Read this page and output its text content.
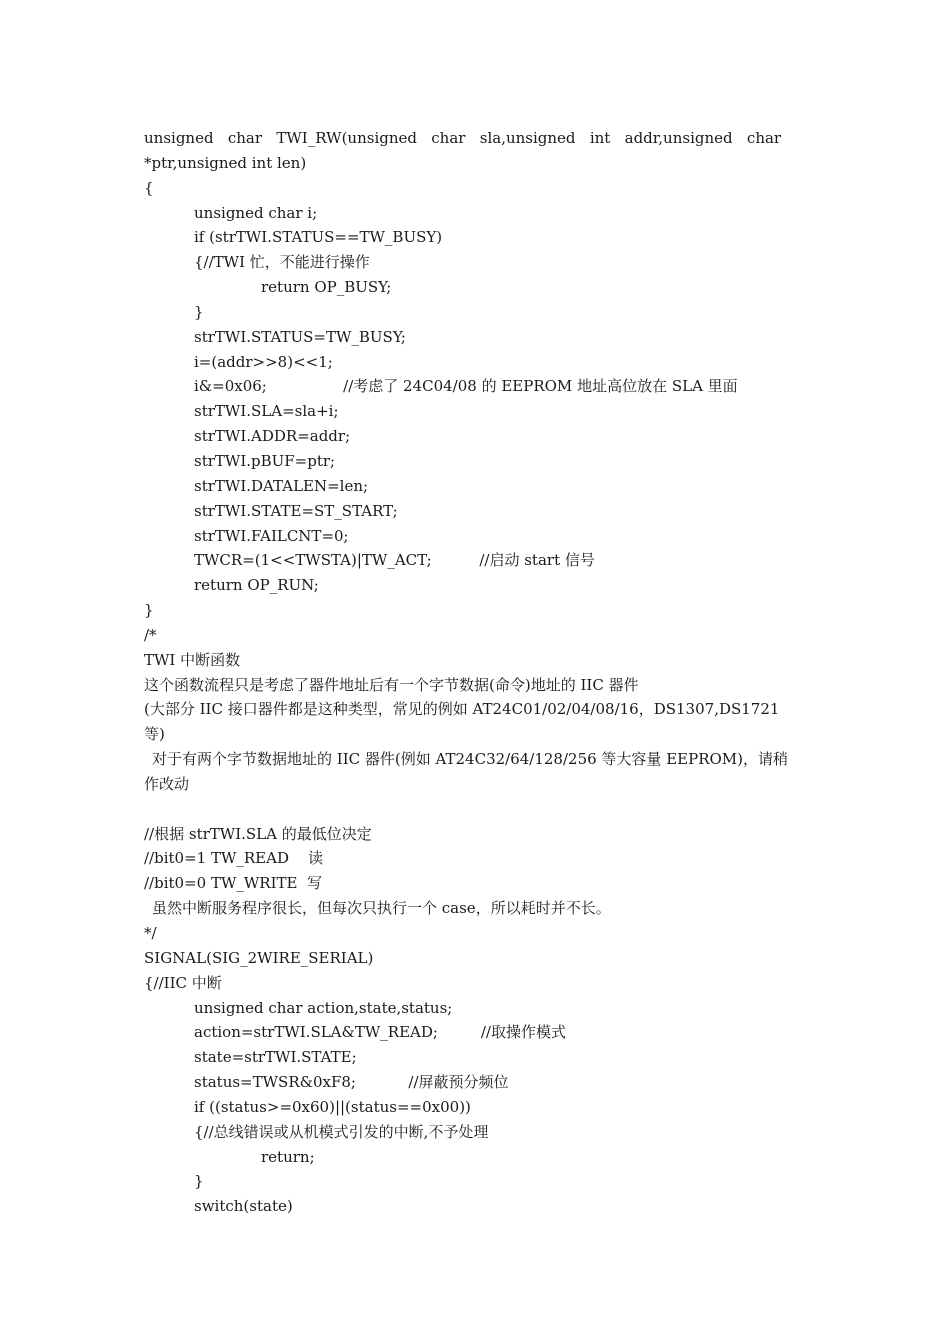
unsigned   char   TWI_RW(unsigned   char   sla,unsigned   int   addr,unsigned   char
*ptr,unsigned int len)
{
unsigned char i;
if (strTWI.STATUS==TW_BUSY)
{//TWI 忙，不能进行操作
return OP_BUSY;
}
strTWI.STATUS=TW_BUSY;
i=(addr>>8)<<1;
i&=0x06;                //考虑了 24C04/08 的 EEPROM 地址高位放在 SLA 里面
strTWI.SLA=sla+i;
strTWI.ADDR=addr;
strTWI.pBUF=ptr;
strTWI.DATALEN=len;
strTWI.STATE=ST_START;
strTWI.FAILCNT=0;
TWCR=(1<<TWSTA)|TW_ACT;          //启动 start 信号
return OP_RUN;
}
/*
TWI 中断函数
这个函数流程只是考虑了器件地址后有一个字节数据(命令)地址的 IIC 器件
(大部分 IIC 接口器件都是这种类型，常见的例如 AT24C01/02/04/08/16，DS1307,DS1721
等)
对于有两个字节数据地址的 IIC 器件(例如 AT24C32/64/128/256 等大容量 EEPROM)，请稍
作改动
//根据 strTWI.SLA 的最低位决定
//bit0=1 TW_READ    读
//bit0=0 TW_WRITE  写
虽然中断服务程序很长，但每次只执行一个 case，所以耗时并不长。
*/
SIGNAL(SIG_2WIRE_SERIAL)
{//IIC 中断
unsigned char action,state,status;
action=strTWI.SLA&TW_READ;         //取操作模式
state=strTWI.STATE;
status=TWSR&0xF8;           //屏蔽预分频位
if ((status>=0x60)||(status==0x00))
{//总线错误或从机模式引发的中断,不予处理
return;
}
switch(state)
